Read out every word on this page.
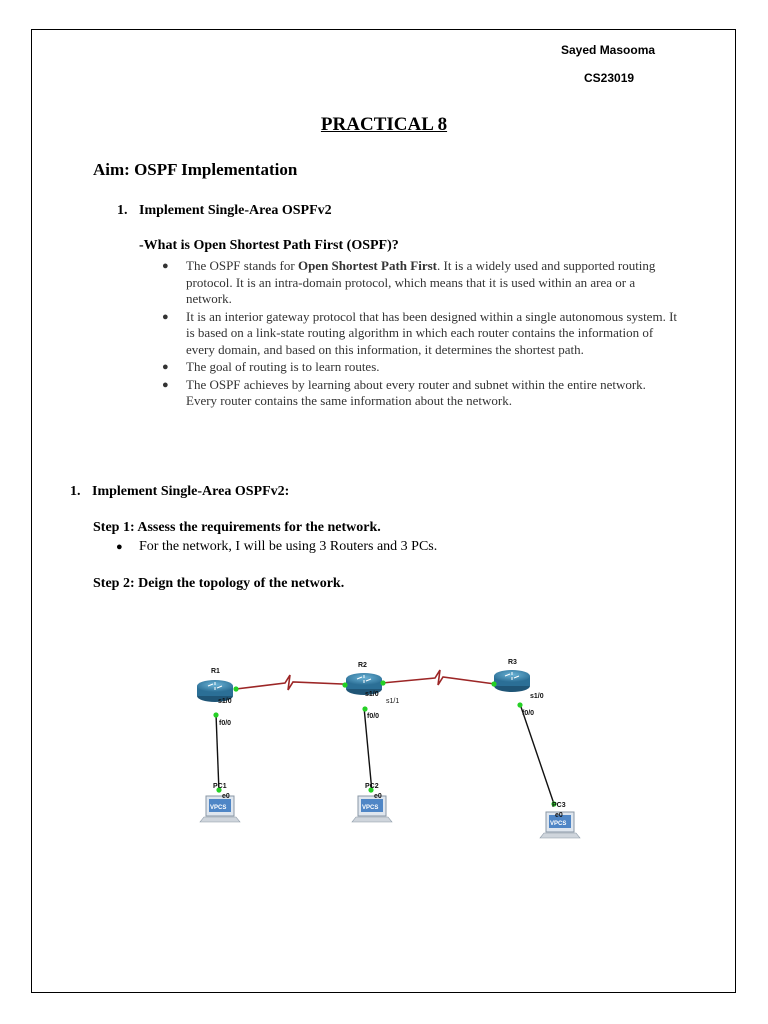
Sayed Masooma
CS23019
PRACTICAL 8
Aim: OSPF Implementation
1. Implement Single-Area OSPFv2
-What is Open Shortest Path First (OSPF)?
● The OSPF stands for Open Shortest Path First. It is a widely used and supported routing protocol. It is an intra-domain protocol, which means that it is used within an area or a network.
● It is an interior gateway protocol that has been designed within a single autonomous system. It is based on a link-state routing algorithm in which each router contains the information of every domain, and based on this information, it determines the shortest path.
● The goal of routing is to learn routes.
● The OSPF achieves by learning about every router and subnet within the entire network. Every router contains the same information about the network.
1. Implement Single-Area OSPFv2:
Step 1: Assess the requirements for the network.
● For the network, I will be using 3 Routers and 3 PCs.
Step 2: Deign the topology of the network.
VPCS	VPCS
VPCS
R1
R2	R3
s1/0
f0/0
s1/0
s1/1
f0/0
s1/0
f0/0
PC1
e0
PC2
e0
PC3
e0
